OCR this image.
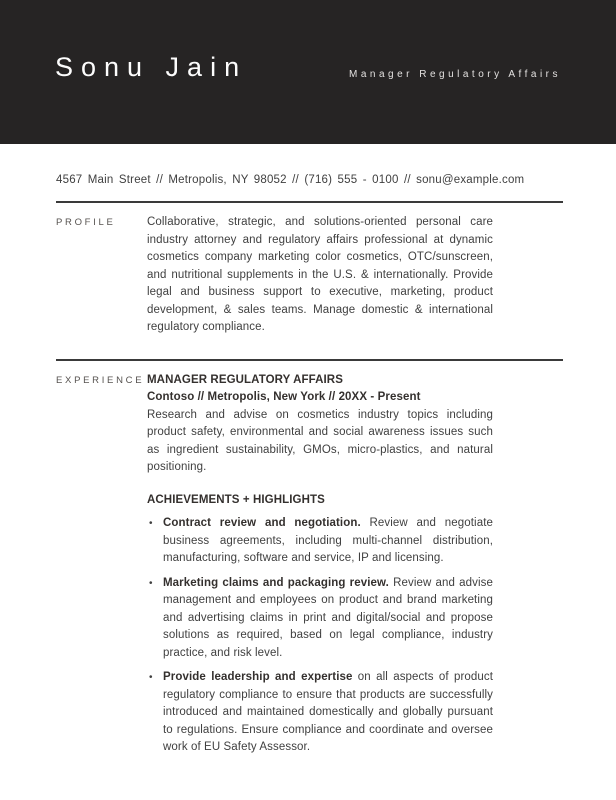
Sonu Jain	Manager Regulatory Affairs
4567 Main Street // Metropolis, NY 98052 // (716) 555 - 0100 // sonu@example.com
PROFILE	Collaborative, strategic, and solutions-oriented personal care industry attorney and regulatory affairs professional at dynamic cosmetics company marketing color cosmetics, OTC/sunscreen, and nutritional supplements in the U.S. & internationally. Provide legal and business support to executive, marketing, product development, & sales teams. Manage domestic & international regulatory compliance.

EXPERIENCE MANAGER REGULATORY AFFAIRS

Contoso // Metropolis, New York // 20XX - Present

Research and advise on cosmetics industry topics including product safety, environmental and social awareness issues such as ingredient sustainability, GMOs, micro-plastics, and natural positioning.

ACHIEVEMENTS + HIGHLIGHTS

• Contract review and negotiation. Review and negotiate business agreements, including multi-channel distribution, manufacturing, software and service, IP and licensing.
• Marketing claims and packaging review. Review and advise management and employees on product and brand marketing and advertising claims in print and digital/social and propose solutions as required, based on legal compliance, industry practice, and risk level.
• Provide leadership and expertise on all aspects of product regulatory compliance to ensure that products are successfully introduced and maintained domestically and globally pursuant to regulations. Ensure compliance and coordinate and oversee work of EU Safety Assessor.
